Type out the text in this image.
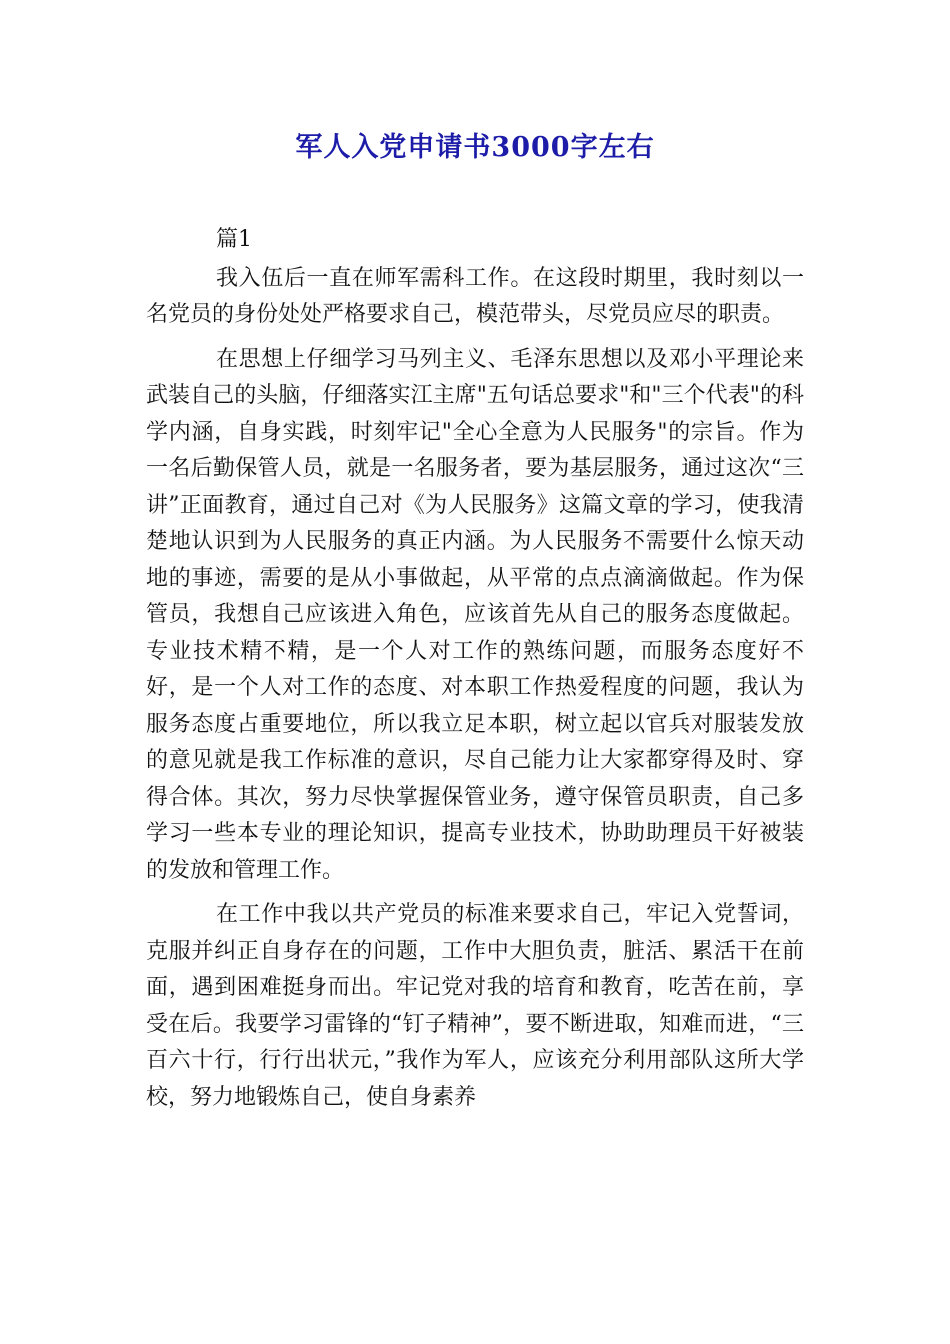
军人入党申请书3000字左右

篇1

我入伍后一直在师军需科工作。在这段时期里，我时刻以一名党员的身份处处严格要求自己，模范带头，尽党员应尽的职责。

在思想上仔细学习马列主义、毛泽东思想以及邓小平理论来武装自己的头脑，仔细落实江主席"五句话总要求"和"三个代表"的科学内涵，自身实践，时刻牢记"全心全意为人民服务"的宗旨。作为一名后勤保管人员，就是一名服务者，要为基层服务，通过这次“三讲”正面教育，通过自己对《为人民服务》这篇文章的学习，使我清楚地认识到为人民服务的真正内涵。为人民服务不需要什么惊天动地的事迹，需要的是从小事做起，从平常的点点滴滴做起。作为保管员，我想自己应该进入角色，应该首先从自己的服务态度做起。专业技术精不精，是一个人对工作的熟练问题，而服务态度好不好，是一个人对工作的态度、对本职工作热爱程度的问题，我认为服务态度占重要地位，所以我立足本职，树立起以官兵对服装发放的意见就是我工作标准的意识，尽自己能力让大家都穿得及时、穿得合体。其次，努力尽快掌握保管业务，遵守保管员职责，自己多学习一些本专业的理论知识，提高专业技术，协助助理员干好被装的发放和管理工作。

在工作中我以共产党员的标准来要求自己，牢记入党誓词，克服并纠正自身存在的问题，工作中大胆负责，脏活、累活干在前面，遇到困难挺身而出。牢记党对我的培育和教育，吃苦在前，享受在后。我要学习雷锋的“钉子精神”，要不断进取，知难而进，“三百六十行，行行出状元，”我作为军人，应该充分利用部队这所大学校，努力地锻炼自己，使自身素养
